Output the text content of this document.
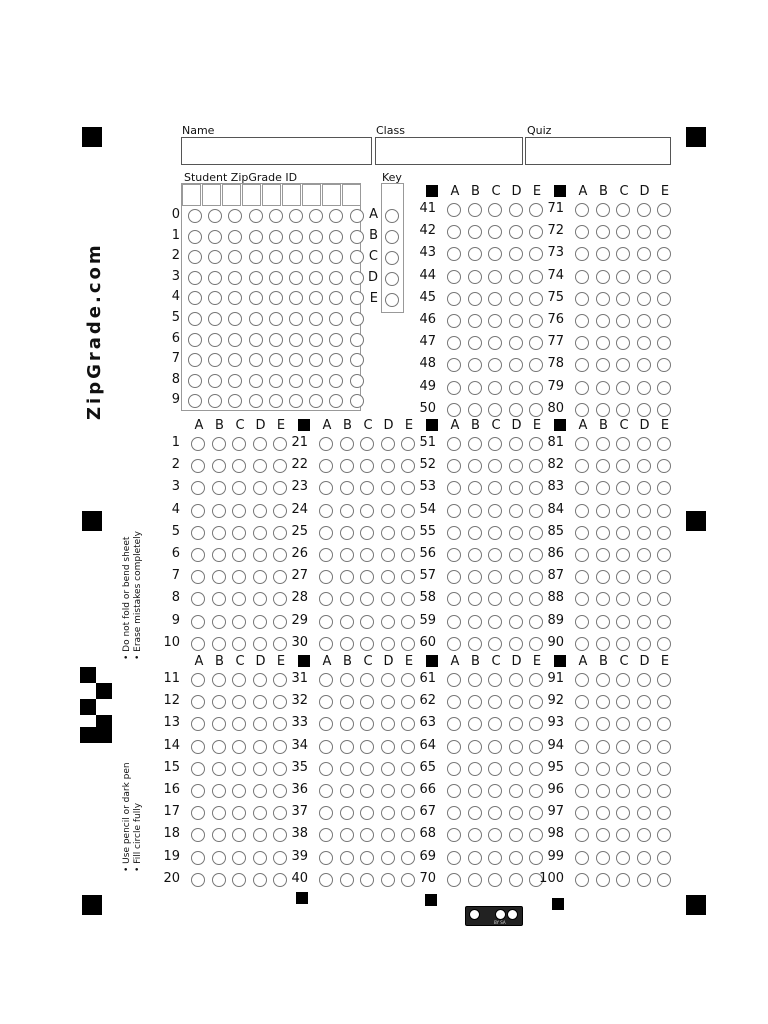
ZipGrade.com
• Do not fold or bend sheet • Erase mistakes completely
• Use pencil or dark pen • Fill circle fully
Name	Class	Quiz
Student ZipGrade ID
0
1
2
3
4
5
6
7
8
9
Key
A
B
C
D
E
A B C D E
41
42
43
44
45
46
47
48
49
50
A B C D E
71
72
73
74
75
76
77
78
79
80
A B C D E
1
2
3
4
5
6
7
8
9
10
A B C D E
21
22
23
24
25
26
27
28
29
30
A B C D E
51
52
53
54
55
56
57
58
59
60
A B C D E
81
82
83
84
85
86
87
88
89
90
A B C D E
11
12
13
14
15
16
17
18
19
20
A B C D E
31
32
33
34
35
36
37
38
39
40
A B C D E
61
62
63
64
65
66
67
68
69
70
A B C D E
91
92
93
94
95
96
97
98
99
100
BY SA
